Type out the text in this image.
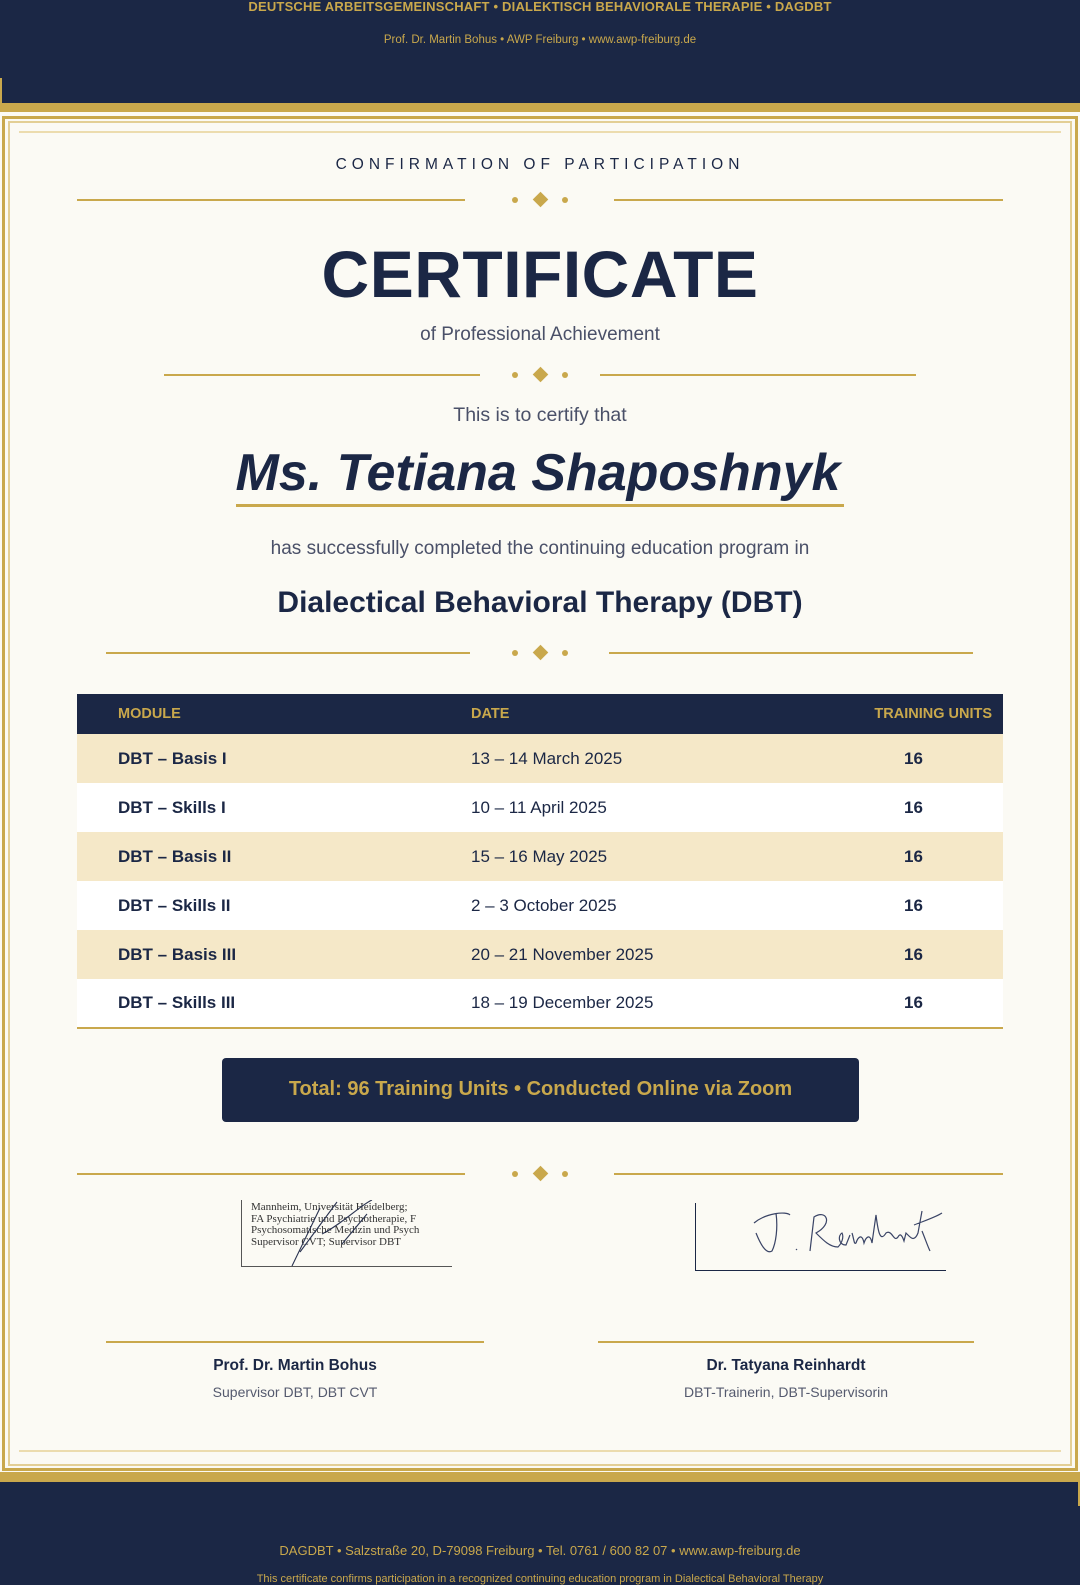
DEUTSCHE ARBEITSGEMEINSCHAFT • DIALEKTISCH BEHAVIORALE THERAPIE • DAGDBT
Prof. Dr. Martin Bohus • AWP Freiburg • www.awp-freiburg.de
CONFIRMATION OF PARTICIPATION
CERTIFICATE
of Professional Achievement
This is to certify that
Ms. Tetiana Shaposhnyk
has successfully completed the continuing education program in
Dialectical Behavioral Therapy (DBT)
MODULE	DATE	TRAINING UNITS
DBT – Basis I	13 – 14 March 2025	16
DBT – Skills I	10 – 11 April 2025	16
DBT – Basis II	15 – 16 May 2025	16
DBT – Skills II	2 – 3 October 2025	16
DBT – Basis III	20 – 21 November 2025	16
DBT – Skills III	18 – 19 December 2025	16
Total: 96 Training Units • Conducted Online via Zoom
Mannheim, Universität Heidelberg;
FA Psychiatrie und Psychotherapie, F
Psychosomatische Medizin und Psych
Supervisor CVT; Supervisor DBT
Prof. Dr. Martin Bohus
Supervisor DBT, DBT CVT
Dr. Tatyana Reinhardt
DBT-Trainerin, DBT-Supervisorin
DAGDBT • Salzstraße 20, D-79098 Freiburg • Tel. 0761 / 600 82 07 • www.awp-freiburg.de
This certificate confirms participation in a recognized continuing education program in Dialectical Behavioral Therapy
